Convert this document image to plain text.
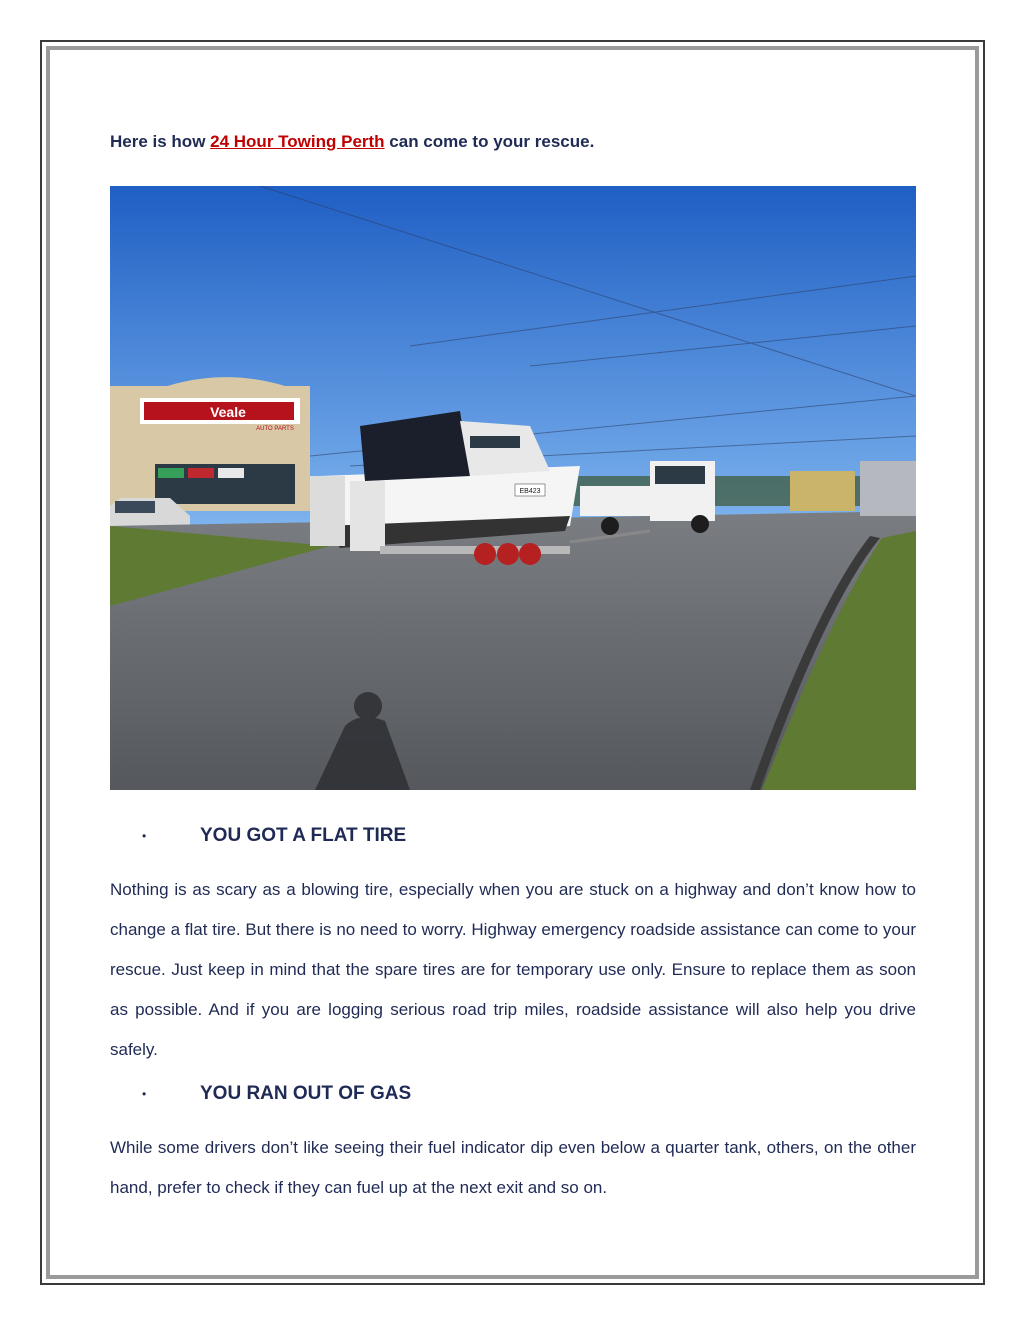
Here is how 24 Hour Towing Perth can come to your rescue.

Veale
AUTO PARTS
EB423
•	YOU GOT A FLAT TIRE

Nothing is as scary as a blowing tire, especially when you are stuck on a highway and don’t know how to change a flat tire. But there is no need to worry. Highway emergency roadside assistance can come to your rescue. Just keep in mind that the spare tires are for temporary use only. Ensure to replace them as soon as possible. And if you are logging serious road trip miles, roadside assistance will also help you drive safely.

•	YOU RAN OUT OF GAS

While some drivers don’t like seeing their fuel indicator dip even below a quarter tank, others, on the other hand, prefer to check if they can fuel up at the next exit and so on.
